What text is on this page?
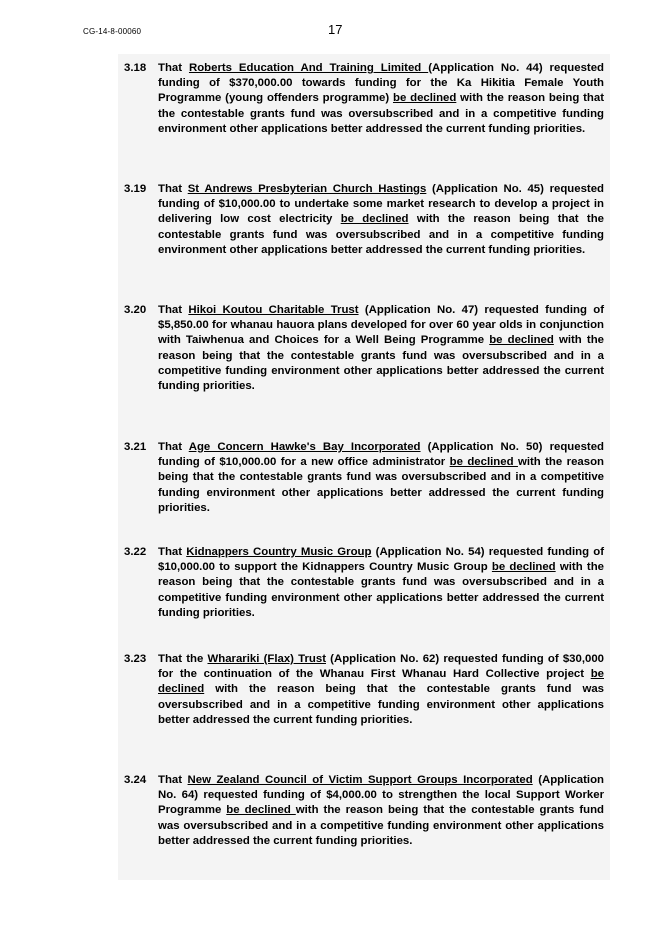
CG-14-8-00060	17
3.18 That Roberts Education And Training Limited (Application No. 44) requested funding of $370,000.00 towards funding for the Ka Hikitia Female Youth Programme (young offenders programme) be declined with the reason being that the contestable grants fund was oversubscribed and in a competitive funding environment other applications better addressed the current funding priorities.
3.19 That St Andrews Presbyterian Church Hastings (Application No. 45) requested funding of $10,000.00 to undertake some market research to develop a project in delivering low cost electricity be declined with the reason being that the contestable grants fund was oversubscribed and in a competitive funding environment other applications better addressed the current funding priorities.
3.20 That Hikoi Koutou Charitable Trust (Application No. 47) requested funding of $5,850.00 for whanau hauora plans developed for over 60 year olds in conjunction with Taiwhenua and Choices for a Well Being Programme be declined with the reason being that the contestable grants fund was oversubscribed and in a competitive funding environment other applications better addressed the current funding priorities.
3.21 That Age Concern Hawke's Bay Incorporated (Application No. 50) requested funding of $10,000.00 for a new office administrator be declined with the reason being that the contestable grants fund was oversubscribed and in a competitive funding environment other applications better addressed the current funding priorities.
3.22 That Kidnappers Country Music Group (Application No. 54) requested funding of $10,000.00 to support the Kidnappers Country Music Group be declined with the reason being that the contestable grants fund was oversubscribed and in a competitive funding environment other applications better addressed the current funding priorities.
3.23 That the Wharariki (Flax) Trust (Application No. 62) requested funding of $30,000 for the continuation of the Whanau First Whanau Hard Collective project be declined with the reason being that the contestable grants fund was oversubscribed and in a competitive funding environment other applications better addressed the current funding priorities.
3.24 That New Zealand Council of Victim Support Groups Incorporated (Application No. 64) requested funding of $4,000.00 to strengthen the local Support Worker Programme be declined with the reason being that the contestable grants fund was oversubscribed and in a competitive funding environment other applications better addressed the current funding priorities.
